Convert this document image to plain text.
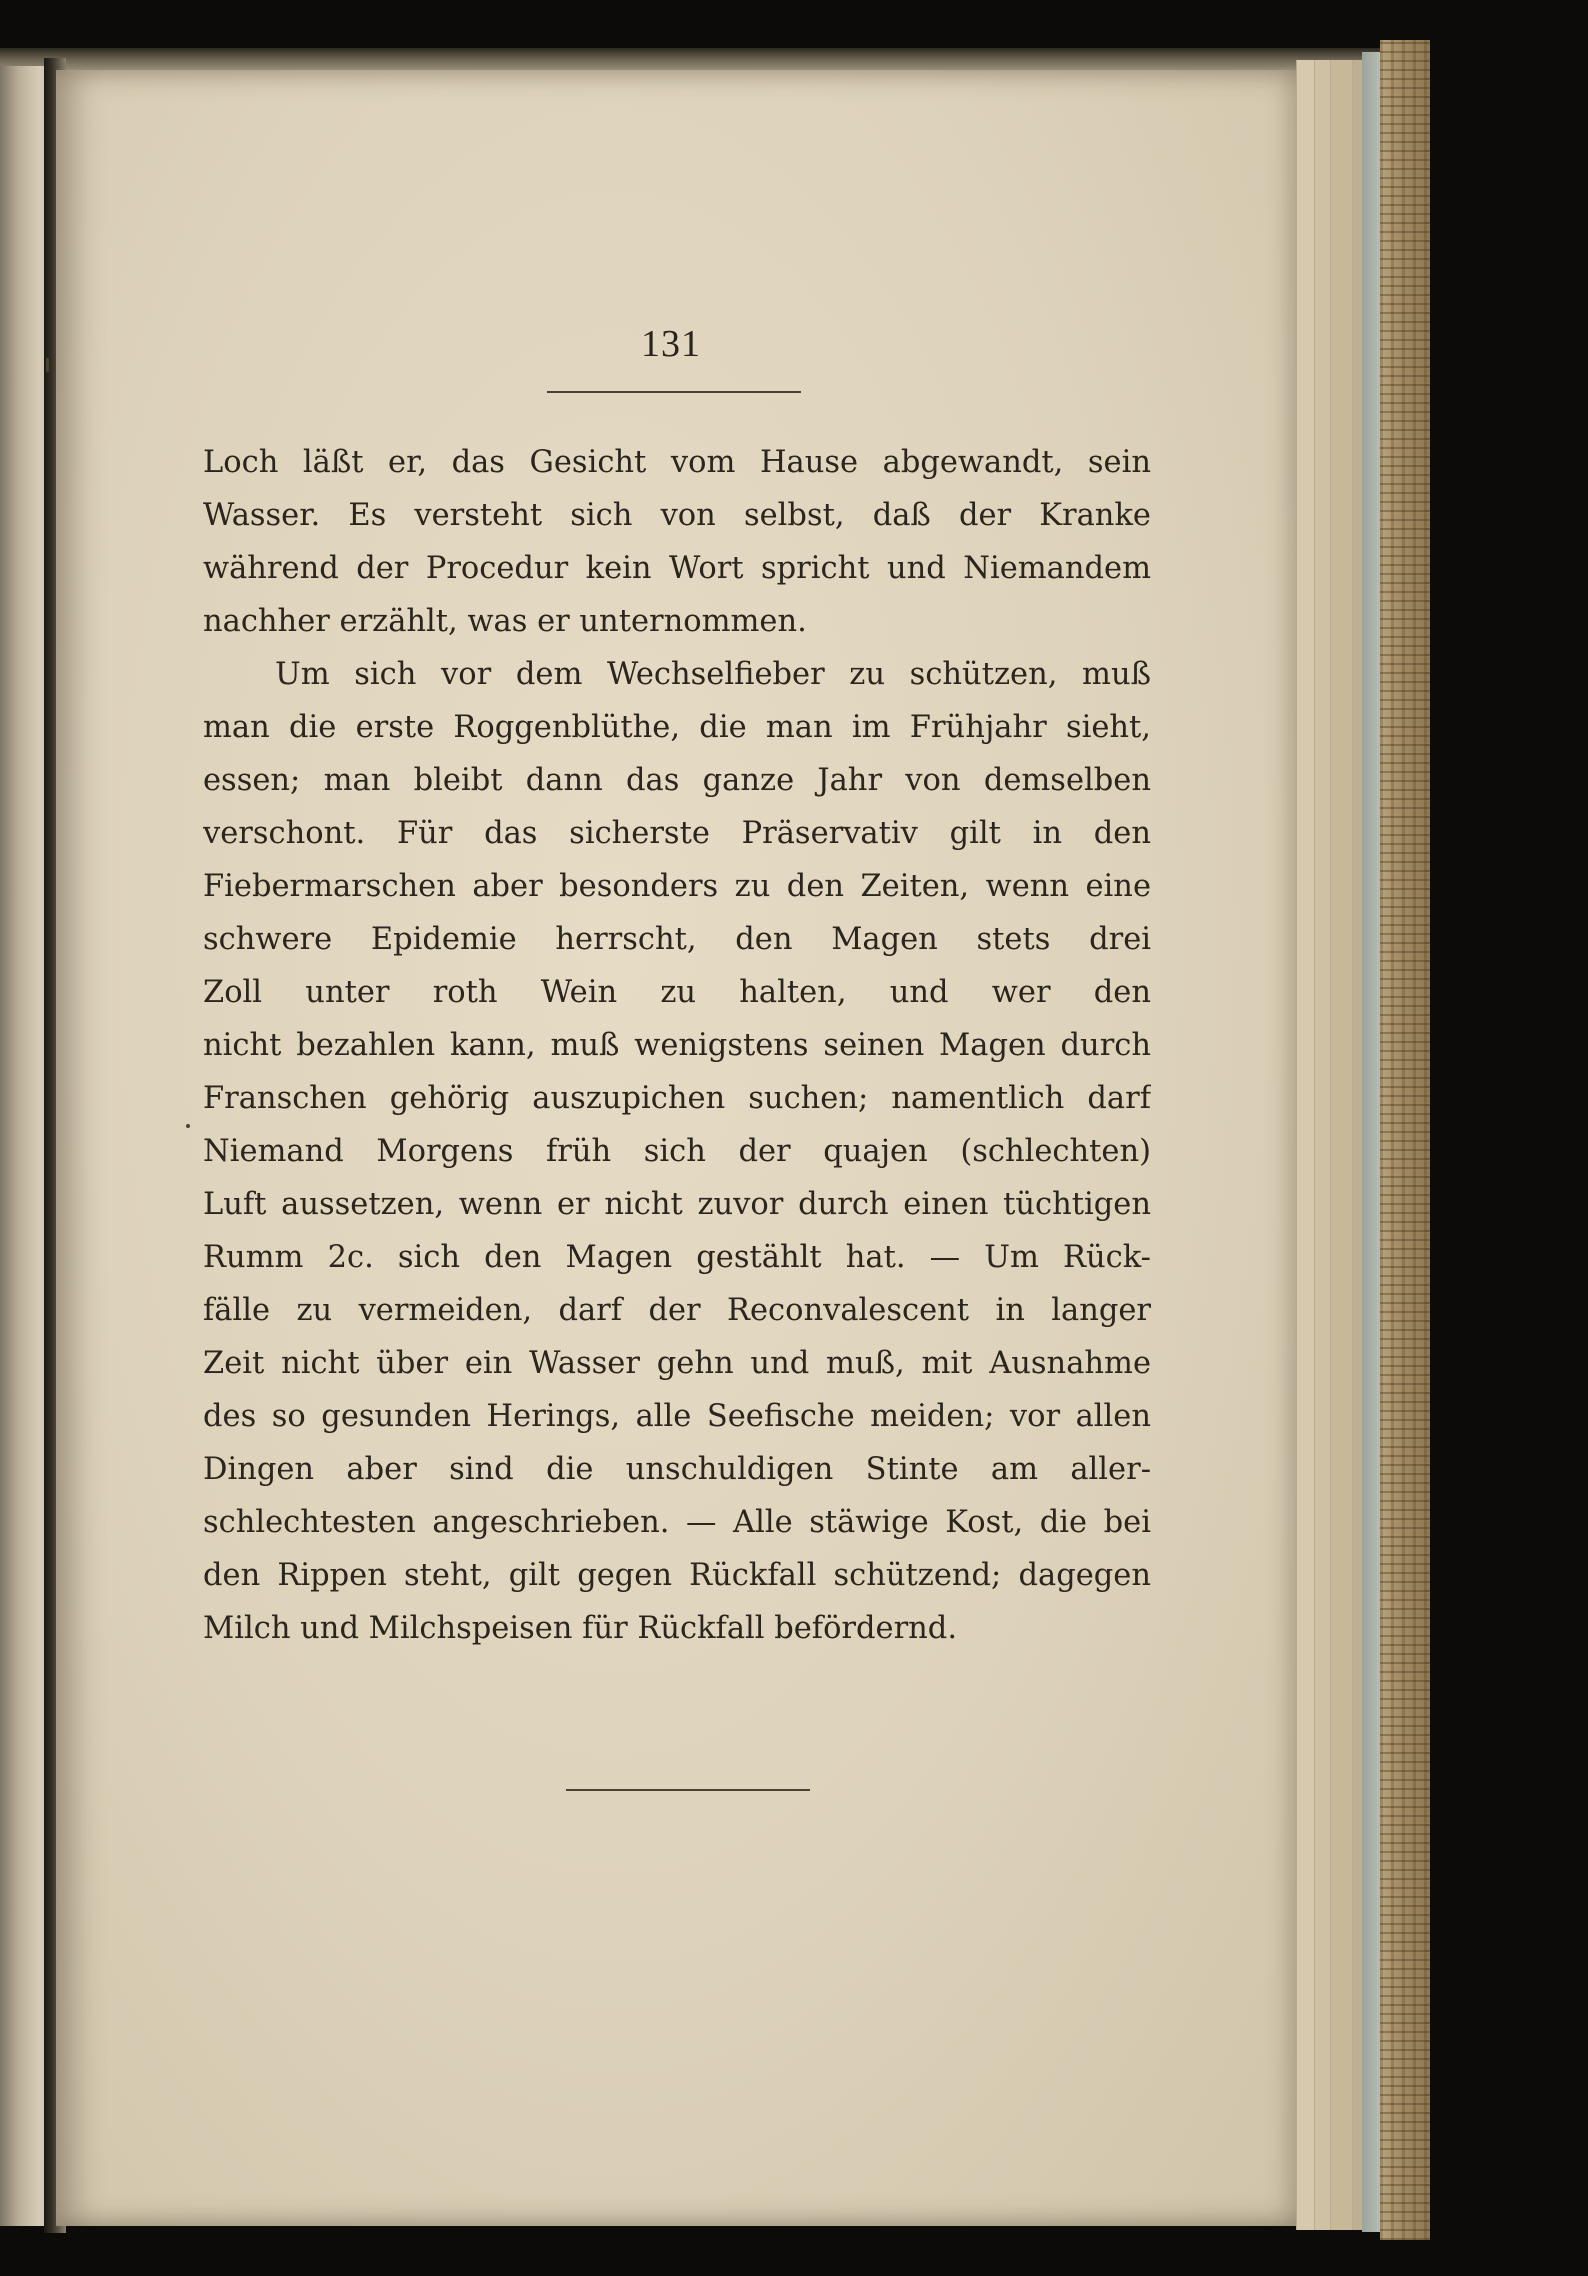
131
Loch läßt er, das Gesicht vom Hause abgewandt, sein
Wasser. Es versteht sich von selbst, daß der Kranke
während der Procedur kein Wort spricht und Niemandem
nachher erzählt, was er unternommen.
Um sich vor dem Wechselfieber zu schützen, muß
man die erste Roggenblüthe, die man im Frühjahr sieht,
essen; man bleibt dann das ganze Jahr von demselben
verschont. Für das sicherste Präservativ gilt in den
Fiebermarschen aber besonders zu den Zeiten, wenn eine
schwere Epidemie herrscht, den Magen stets drei
Zoll unter roth Wein zu halten, und wer den
nicht bezahlen kann, muß wenigstens seinen Magen durch
Franschen gehörig auszupichen suchen; namentlich darf
Niemand Morgens früh sich der quajen (schlechten)
Luft aussetzen, wenn er nicht zuvor durch einen tüchtigen
Rumm 2c. sich den Magen gestählt hat. — Um Rück-
fälle zu vermeiden, darf der Reconvalescent in langer
Zeit nicht über ein Wasser gehn und muß, mit Ausnahme
des so gesunden Herings, alle Seefische meiden; vor allen
Dingen aber sind die unschuldigen Stinte am aller-
schlechtesten angeschrieben. — Alle stäwige Kost, die bei
den Rippen steht, gilt gegen Rückfall schützend; dagegen
Milch und Milchspeisen für Rückfall befördernd.
